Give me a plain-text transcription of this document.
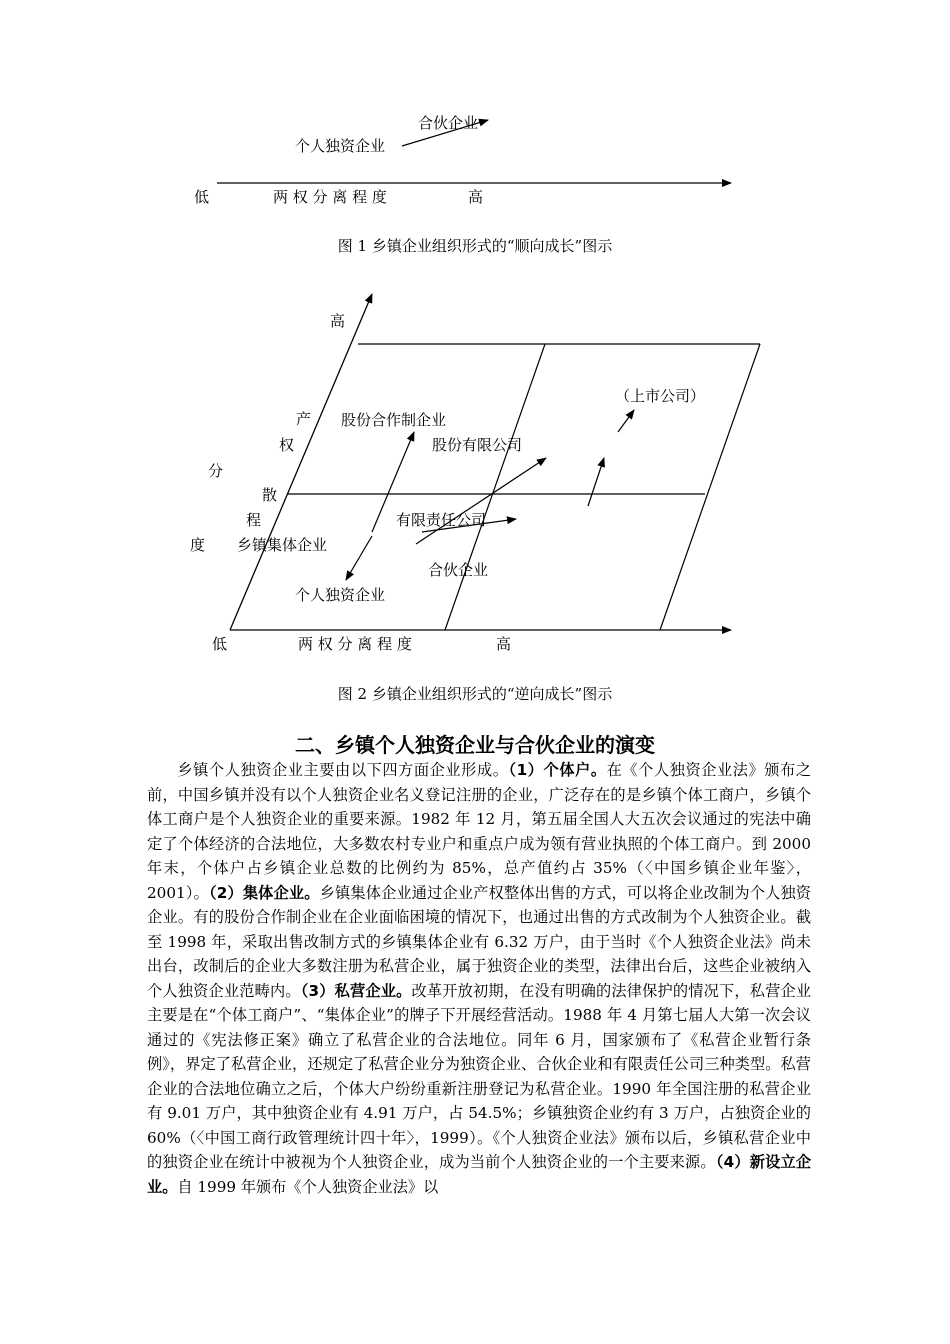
合伙企业
个人独资企业
低	两 权 分 离 程 度	高
图 1 乡镇企业组织形式的“顺向成长”图示
高
产
权
分
散
程
度
（上市公司）
股份合作制企业
股份有限公司
有限责任公司
乡镇集体企业
合伙企业
个人独资企业
低	两 权 分 离 程 度	高
图 2 乡镇企业组织形式的“逆向成长”图示
二、乡镇个人独资企业与合伙企业的演变

乡镇个人独资企业主要由以下四方面企业形成。（1）个体户。在《个人独资企业法》颁布之前，中国乡镇并没有以个人独资企业名义登记注册的企业，广泛存在的是乡镇个体工商户，乡镇个体工商户是个人独资企业的重要来源。1982 年 12 月，第五届全国人大五次会议通过的宪法中确定了个体经济的合法地位，大多数农村专业户和重点户成为领有营业执照的个体工商户。到 2000 年末，个体户占乡镇企业总数的比例约为 85%，总产值约占 35%（〈中国乡镇企业年鉴〉，2001）。（2）集体企业。乡镇集体企业通过企业产权整体出售的方式，可以将企业改制为个人独资企业。有的股份合作制企业在企业面临困境的情况下，也通过出售的方式改制为个人独资企业。截至 1998 年，采取出售改制方式的乡镇集体企业有 6.32 万户，由于当时《个人独资企业法》尚未出台，改制后的企业大多数注册为私营企业，属于独资企业的类型，法律出台后，这些企业被纳入个人独资企业范畴内。（3）私营企业。改革开放初期，在没有明确的法律保护的情况下，私营企业主要是在“个体工商户”、“集体企业”的牌子下开展经营活动。1988 年 4 月第七届人大第一次会议通过的《宪法修正案》确立了私营企业的合法地位。同年 6 月，国家颁布了《私营企业暂行条例》，界定了私营企业，还规定了私营企业分为独资企业、合伙企业和有限责任公司三种类型。私营企业的合法地位确立之后，个体大户纷纷重新注册登记为私营企业。1990 年全国注册的私营企业有 9.01 万户，其中独资企业有 4.91 万户，占 54.5%；乡镇独资企业约有 3 万户，占独资企业的 60%（〈中国工商行政管理统计四十年〉，1999）。《个人独资企业法》颁布以后，乡镇私营企业中的独资企业在统计中被视为个人独资企业，成为当前个人独资企业的一个主要来源。（4）新设立企业。自 1999 年颁布《个人独资企业法》以
